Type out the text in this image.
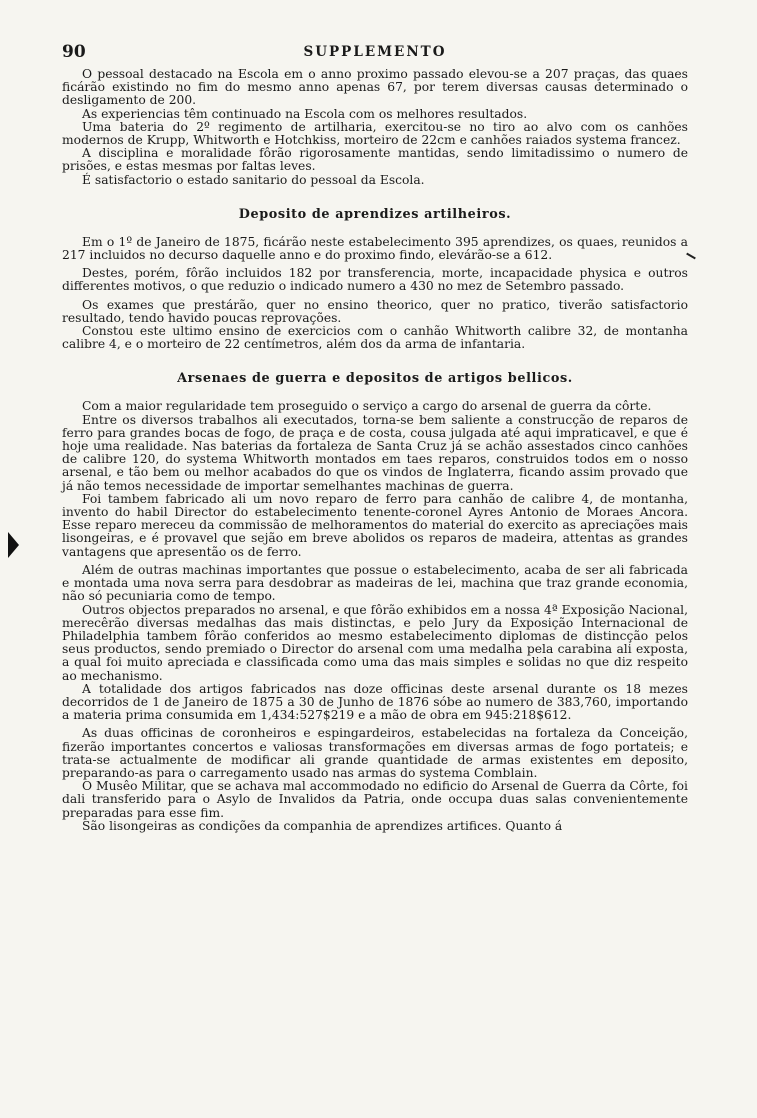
90	SUPPLEMENTO

O pessoal destacado na Escola em o anno proximo passado elevou-se a 207 praças, das quaes ficárão existindo no fim do mesmo anno apenas 67, por terem diversas causas determinado o desligamento de 200.

As experiencias têm continuado na Escola com os melhores resultados.

Uma bateria do 2º regimento de artilharia, exercitou-se no tiro ao alvo com os canhões modernos de Krupp, Whitworth e Hotchkiss, morteiro de 22cm e canhões raiados systema francez.

A disciplina e moralidade fôrão rigorosamente mantidas, sendo limitadissimo o numero de prisões, e estas mesmas por faltas leves.

É satisfactorio o estado sanitario do pessoal da Escola.

Deposito de aprendizes artilheiros.

Em o 1º de Janeiro de 1875, ficárão neste estabelecimento 395 aprendizes, os quaes, reunidos a 217 incluidos no decurso daquelle anno e do proximo findo, elevárão-se a 612.

Destes, porém, fôrão incluidos 182 por transferencia, morte, incapacidade physica e outros differentes motivos, o que reduzio o indicado numero a 430 no mez de Setembro passado.

Os exames que prestárão, quer no ensino theorico, quer no pratico, tiverão satisfactorio resultado, tendo havido poucas reprovações.

Constou este ultimo ensino de exercicios com o canhão Whitworth calibre 32, de montanha calibre 4, e o morteiro de 22 centímetros, além dos da arma de infantaria.

Arsenaes de guerra e depositos de artigos bellicos.

Com a maior regularidade tem proseguido o serviço a cargo do arsenal de guerra da côrte.

Entre os diversos trabalhos ali executados, torna-se bem saliente a construcção de reparos de ferro para grandes bocas de fogo, de praça e de costa, cousa julgada até aqui impraticavel, e que é hoje uma realidade. Nas baterias da fortaleza de Santa Cruz já se achão assestados cinco canhões de calibre 120, do systema Whitworth montados em taes reparos, construidos todos em o nosso arsenal, e tão bem ou melhor acabados do que os vindos de Inglaterra, ficando assim provado que já não temos necessidade de importar semelhantes machinas de guerra.

Foi tambem fabricado ali um novo reparo de ferro para canhão de calibre 4, de montanha, invento do habil Director do estabelecimento tenente-coronel Ayres Antonio de Moraes Ancora. Esse reparo mereceu da commissão de melhoramentos do material do exercito as apreciações mais lisongeiras, e é provavel que sejão em breve abolidos os reparos de madeira, attentas as grandes vantagens que apresentão os de ferro.

Além de outras machinas importantes que possue o estabelecimento, acaba de ser ali fabricada e montada uma nova serra para desdobrar as madeiras de lei, machina que traz grande economia, não só pecuniaria como de tempo.

Outros objectos preparados no arsenal, e que fôrão exhibidos em a nossa 4ª Exposição Nacional, merecêrão diversas medalhas das mais distinctas, e pelo Jury da Exposição Internacional de Philadelphia tambem fôrão conferidos ao mesmo estabelecimento diplomas de distincção pelos seus productos, sendo premiado o Director do arsenal com uma medalha pela carabina ali exposta, a qual foi muito apreciada e classificada como uma das mais simples e solidas no que diz respeito ao mechanismo.

A totalidade dos artigos fabricados nas doze officinas deste arsenal durante os 18 mezes decorridos de 1 de Janeiro de 1875 a 30 de Junho de 1876 sóbe ao numero de 383,760, importando a materia prima consumida em 1,434:527$219 e a mão de obra em 945:218$612.

As duas officinas de coronheiros e espingardeiros, estabelecidas na fortaleza da Conceição, fizerão importantes concertos e valiosas transformações em diversas armas de fogo portateis; e trata-se actualmente de modificar ali grande quantidade de armas existentes em deposito, preparando-as para o carregamento usado nas armas do systema Comblain.

O Musêo Militar, que se achava mal accommodado no edificio do Arsenal de Guerra da Côrte, foi dali transferido para o Asylo de Invalidos da Patria, onde occupa duas salas convenientemente preparadas para esse fim.

São lisongeiras as condições da companhia de aprendizes artifices. Quanto á
